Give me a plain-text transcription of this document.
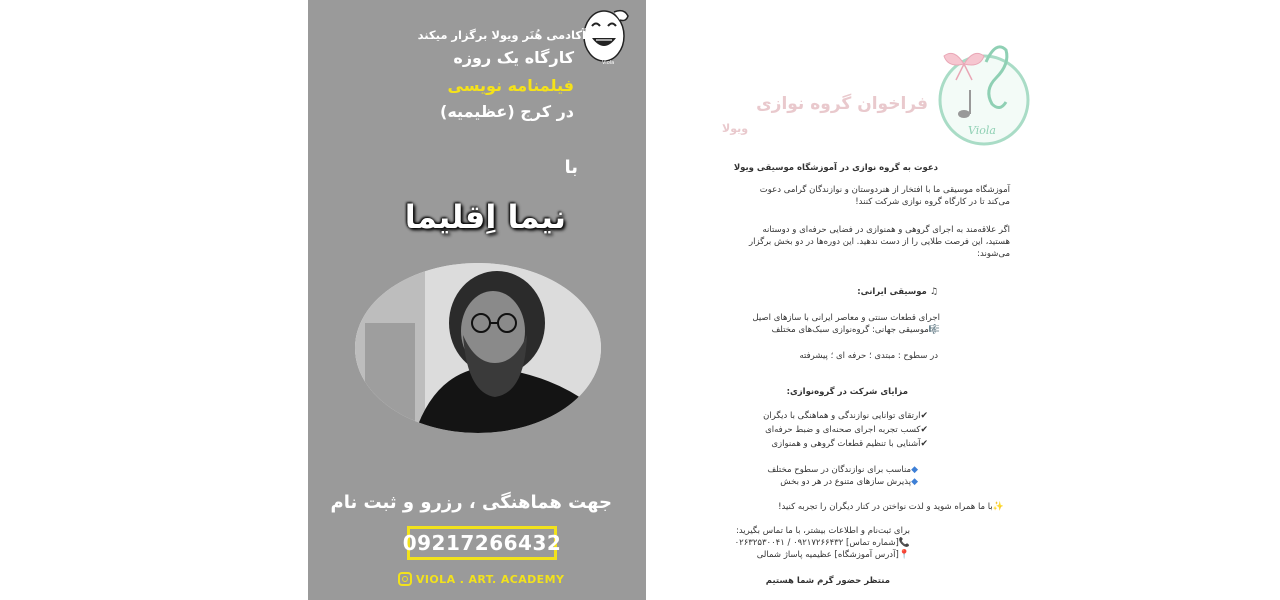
Viola
آکادمی هُنَر ویولا برگزار میکند
کارگاه یک روزه
فیلمنامه نویسی
در کرج (عظیمیه)
با
نیما اِقلیما
جهت هماهنگی ، رزرو و ثبت نام
09217266432
VIOLA . ART. ACADEMY
Viola
فراخوان گروه نوازی
ویولا
دعوت به گروه نوازی در آموزشگاه موسیقی ویولا
آموزشگاه موسیقی ما با افتخار از هنردوستان و نوازندگان گرامی دعوت
می‌کند تا در کارگاه گروه نوازی شرکت کنند!
اگر علاقه‌مند به اجرای گروهی و همنوازی در فضایی حرفه‌ای و دوستانه
هستید، این فرصت طلایی را از دست ندهید. این دوره‌ها در دو بخش برگزار
می‌شوند:
♫ موسیقی ایرانی:
اجرای قطعات سنتی و معاصر ایرانی با سازهای اصیل
🎼موسیقی جهانی: گروه‌نوازی سبک‌های مختلف
در سطوح : مبتدی ؛ حرفه ای ؛ پیشرفته
مزایای شرکت در گروه‌نوازی:
✔ارتقای توانایی نوازندگی و هماهنگی با دیگران
✔کسب تجربه اجرای صحنه‌ای و ضبط حرفه‌ای
✔آشنایی با تنظیم قطعات گروهی و همنوازی
◆مناسب برای نوازندگان در سطوح مختلف
◆پذیرش سازهای متنوع در هر دو بخش
✨با ما همراه شوید و لذت نواختن در کنار دیگران را تجربه کنید!
برای ثبت‌نام و اطلاعات بیشتر، با ما تماس بگیرید:
📞[شماره تماس] ۰۹۲۱۷۲۶۶۴۳۲ / ۰۲۶۳۲۵۳۰۰۴۱
📍[آدرس آموزشگاه] عظیمیه پاساژ شمالی
منتظر حضور گرم شما هستیم
